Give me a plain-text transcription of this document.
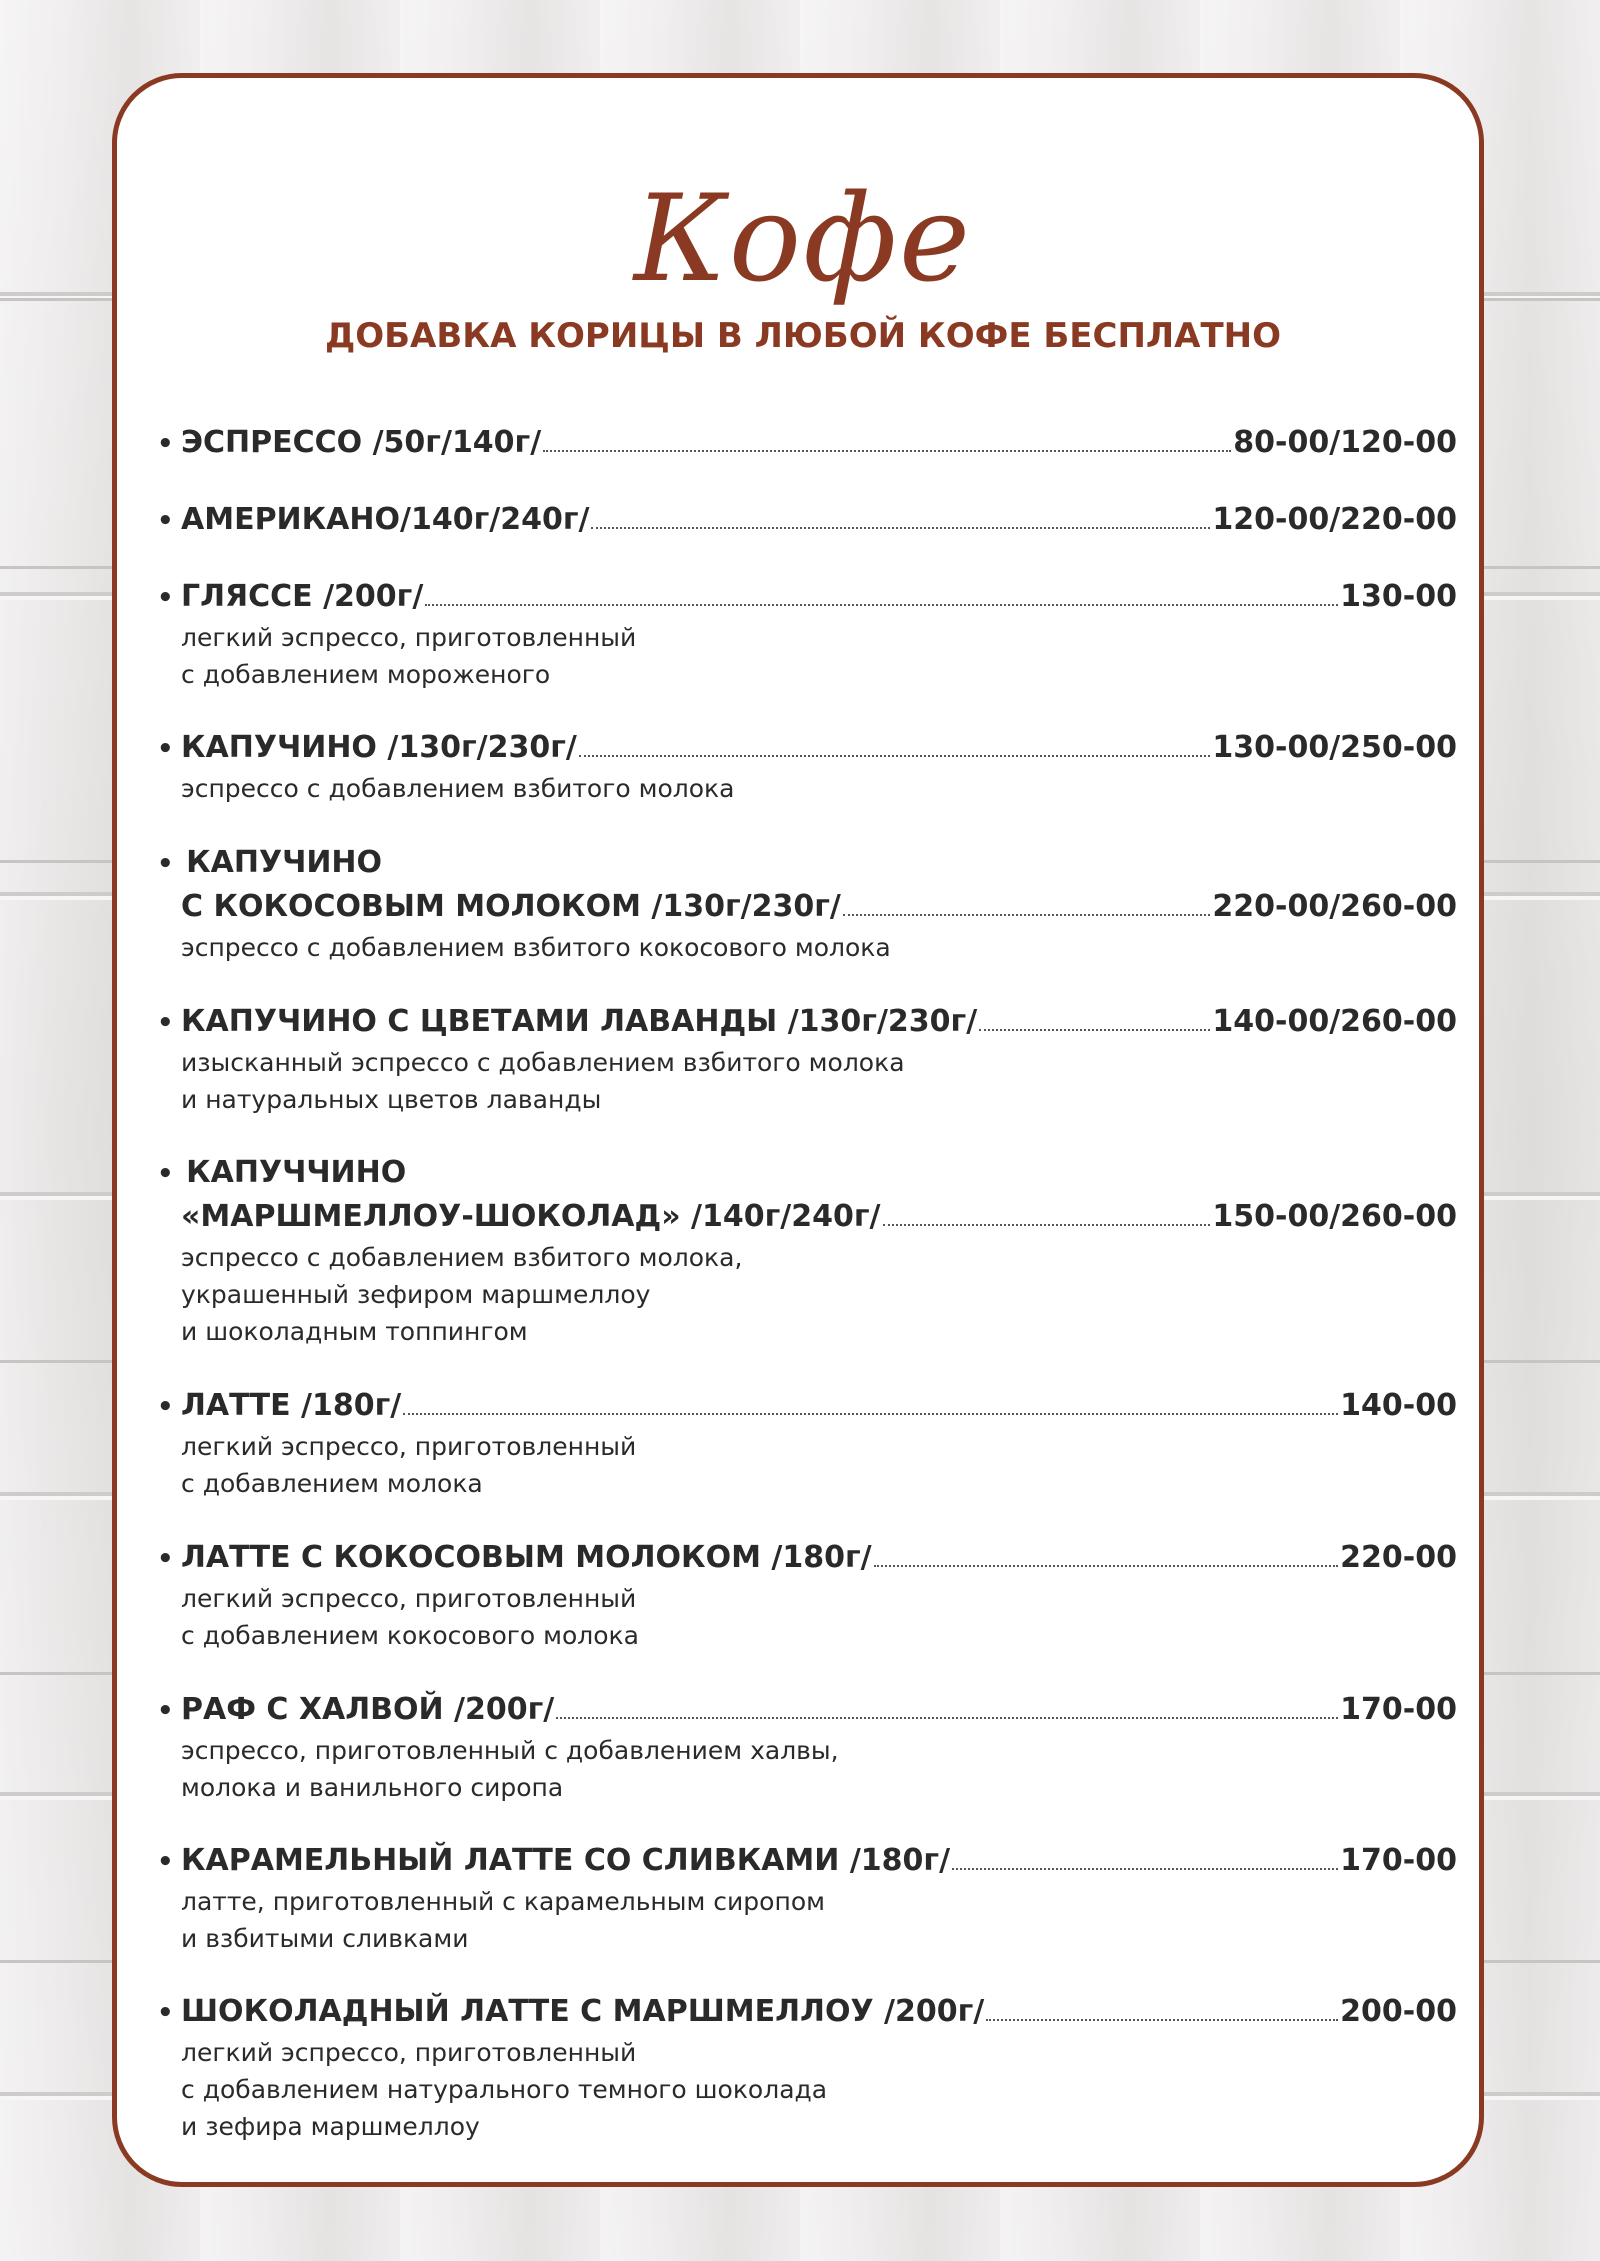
Кофе
ДОБАВКА КОРИЦЫ В ЛЮБОЙ КОФЕ БЕСПЛАТНО
• ЭСПРЕССО /50г/140г/	80-00/120-00
• АМЕРИКАНО/140г/240г/	120-00/220-00
• ГЛЯССЕ /200г/	130-00
легкий эспрессо, приготовленный
с добавлением мороженого
• КАПУЧИНО /130г/230г/	130-00/250-00
эспрессо с добавлением взбитого молока
• КАПУЧИНО
С КОКОСОВЫМ МОЛОКОМ /130г/230г/	220-00/260-00
эспрессо с добавлением взбитого кокосового молока
• КАПУЧИНО С ЦВЕТАМИ ЛАВАНДЫ /130г/230г/	140-00/260-00
изысканный эспрессо с добавлением взбитого молока
и натуральных цветов лаванды
• КАПУЧЧИНО
«МАРШМЕЛЛОУ-ШОКОЛАД» /140г/240г/	150-00/260-00
эспрессо с добавлением взбитого молока,
украшенный зефиром маршмеллоу
и шоколадным топпингом
• ЛАТТЕ /180г/	140-00
легкий эспрессо, приготовленный
с добавлением молока
• ЛАТТЕ С КОКОСОВЫМ МОЛОКОМ /180г/	220-00
легкий эспрессо, приготовленный
с добавлением кокосового молока
• РАФ С ХАЛВОЙ /200г/	170-00
эспрессо, приготовленный с добавлением халвы,
молока и ванильного сиропа
• КАРАМЕЛЬНЫЙ ЛАТТЕ СО СЛИВКАМИ /180г/	170-00
латте, приготовленный с карамельным сиропом
и взбитыми сливками
• ШОКОЛАДНЫЙ ЛАТТЕ С МАРШМЕЛЛОУ /200г/	200-00
легкий эспрессо, приготовленный
с добавлением натурального темного шоколада
и зефира маршмеллоу
